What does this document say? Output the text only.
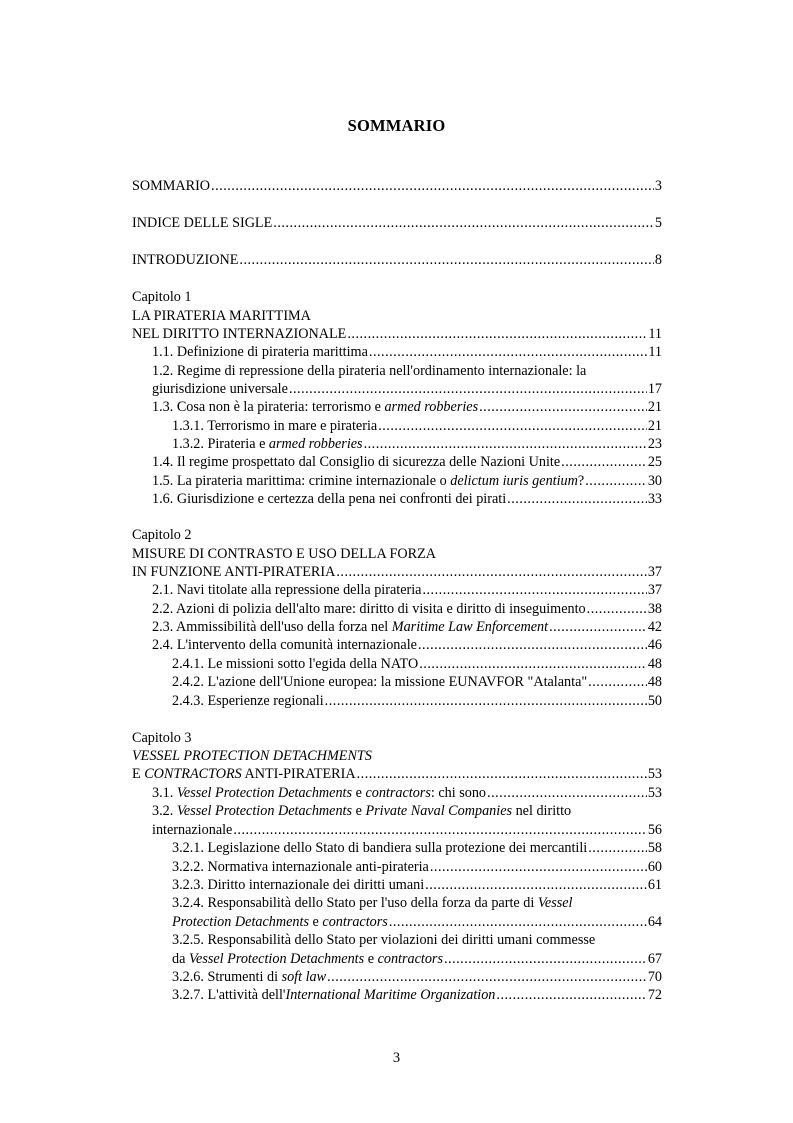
SOMMARIO
SOMMARIO .....	3
INDICE DELLE SIGLE .....	5
INTRODUZIONE .....	8
Capitolo 1
LA PIRATERIA MARITTIMA
NEL DIRITTO INTERNAZIONALE .....	11
1.1. Definizione di pirateria marittima .....	11
1.2. Regime di repressione della pirateria nell'ordinamento internazionale: la
giurisdizione universale .....	17
1.3. Cosa non è la pirateria: terrorismo e armed robberies .....	21
1.3.1. Terrorismo in mare e pirateria .....	21
1.3.2. Pirateria e armed robberies .....	23
1.4. Il regime prospettato dal Consiglio di sicurezza delle Nazioni Unite .....	25
1.5. La pirateria marittima: crimine internazionale o delictum iuris gentium? .....	30
1.6. Giurisdizione e certezza della pena nei confronti dei pirati .....	33
Capitolo 2
MISURE DI CONTRASTO E USO DELLA FORZA
IN FUNZIONE ANTI-PIRATERIA .....	37
2.1. Navi titolate alla repressione della pirateria .....	37
2.2. Azioni di polizia dell'alto mare: diritto di visita e diritto di inseguimento .....	38
2.3. Ammissibilità dell'uso della forza nel Maritime Law Enforcement .....	42
2.4. L'intervento della comunità internazionale .....	46
2.4.1. Le missioni sotto l'egida della NATO .....	48
2.4.2. L'azione dell'Unione europea: la missione EUNAVFOR "Atalanta" .....	48
2.4.3. Esperienze regionali .....	50
Capitolo 3
VESSEL PROTECTION DETACHMENTS
E CONTRACTORS ANTI-PIRATERIA .....	53
3.1. Vessel Protection Detachments e contractors: chi sono .....	53
3.2. Vessel Protection Detachments e Private Naval Companies nel diritto
internazionale .....	56
3.2.1. Legislazione dello Stato di bandiera sulla protezione dei mercantili .....	58
3.2.2. Normativa internazionale anti-pirateria .....	60
3.2.3. Diritto internazionale dei diritti umani .....	61
3.2.4. Responsabilità dello Stato per l'uso della forza da parte di Vessel
Protection Detachments e contractors .....	64
3.2.5. Responsabilità dello Stato per violazioni dei diritti umani commesse
da Vessel Protection Detachments e contractors .....	67
3.2.6. Strumenti di soft law .....	70
3.2.7. L'attività dell'International Maritime Organization .....	72
3
